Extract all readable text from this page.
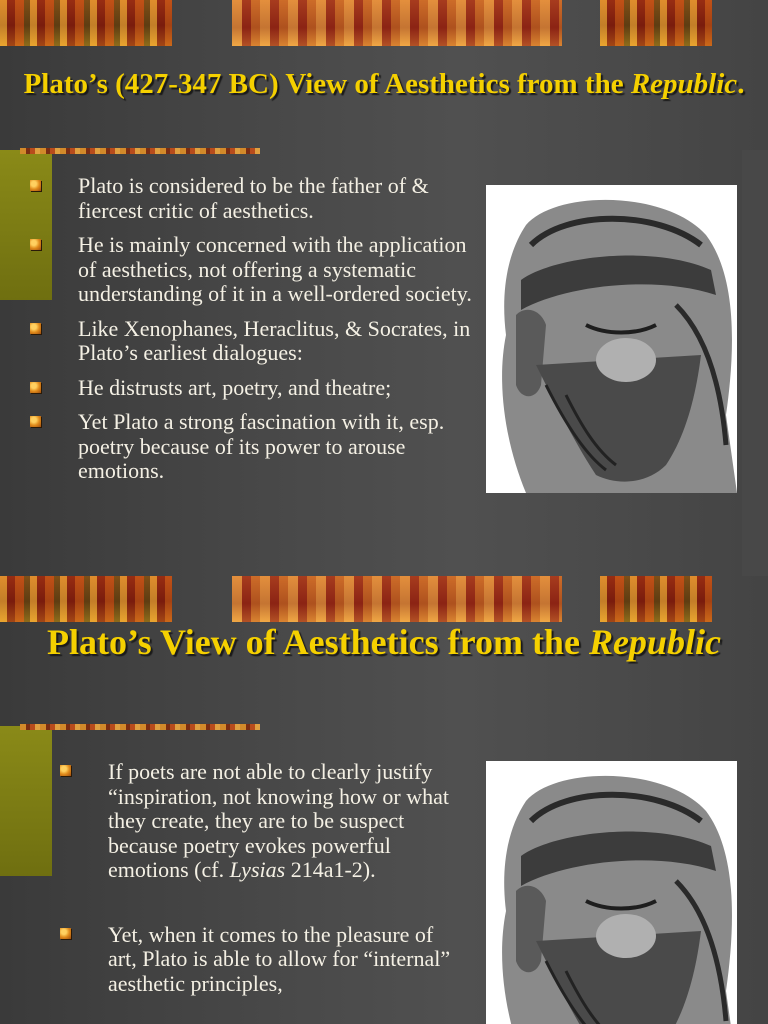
Plato’s (427-347 BC) View of Aesthetics from the Republic.
Plato is considered to be the father of & fiercest critic of aesthetics.
He is mainly concerned with the application of aesthetics, not offering a systematic understanding of it in a well-ordered society.
Like Xenophanes, Heraclitus, & Socrates, in Plato’s earliest dialogues:
He distrusts art, poetry, and theatre;
Yet Plato a strong fascination with it, esp. poetry because of its power to arouse emotions.
Plato’s View of Aesthetics from the Republic
If poets are not able to clearly justify “inspiration, not knowing how or what they create, they are to be suspect because poetry evokes powerful emotions (cf. Lysias 214a1-2).
Yet, when it comes to the pleasure of art, Plato is able to allow for “internal” aesthetic principles,
